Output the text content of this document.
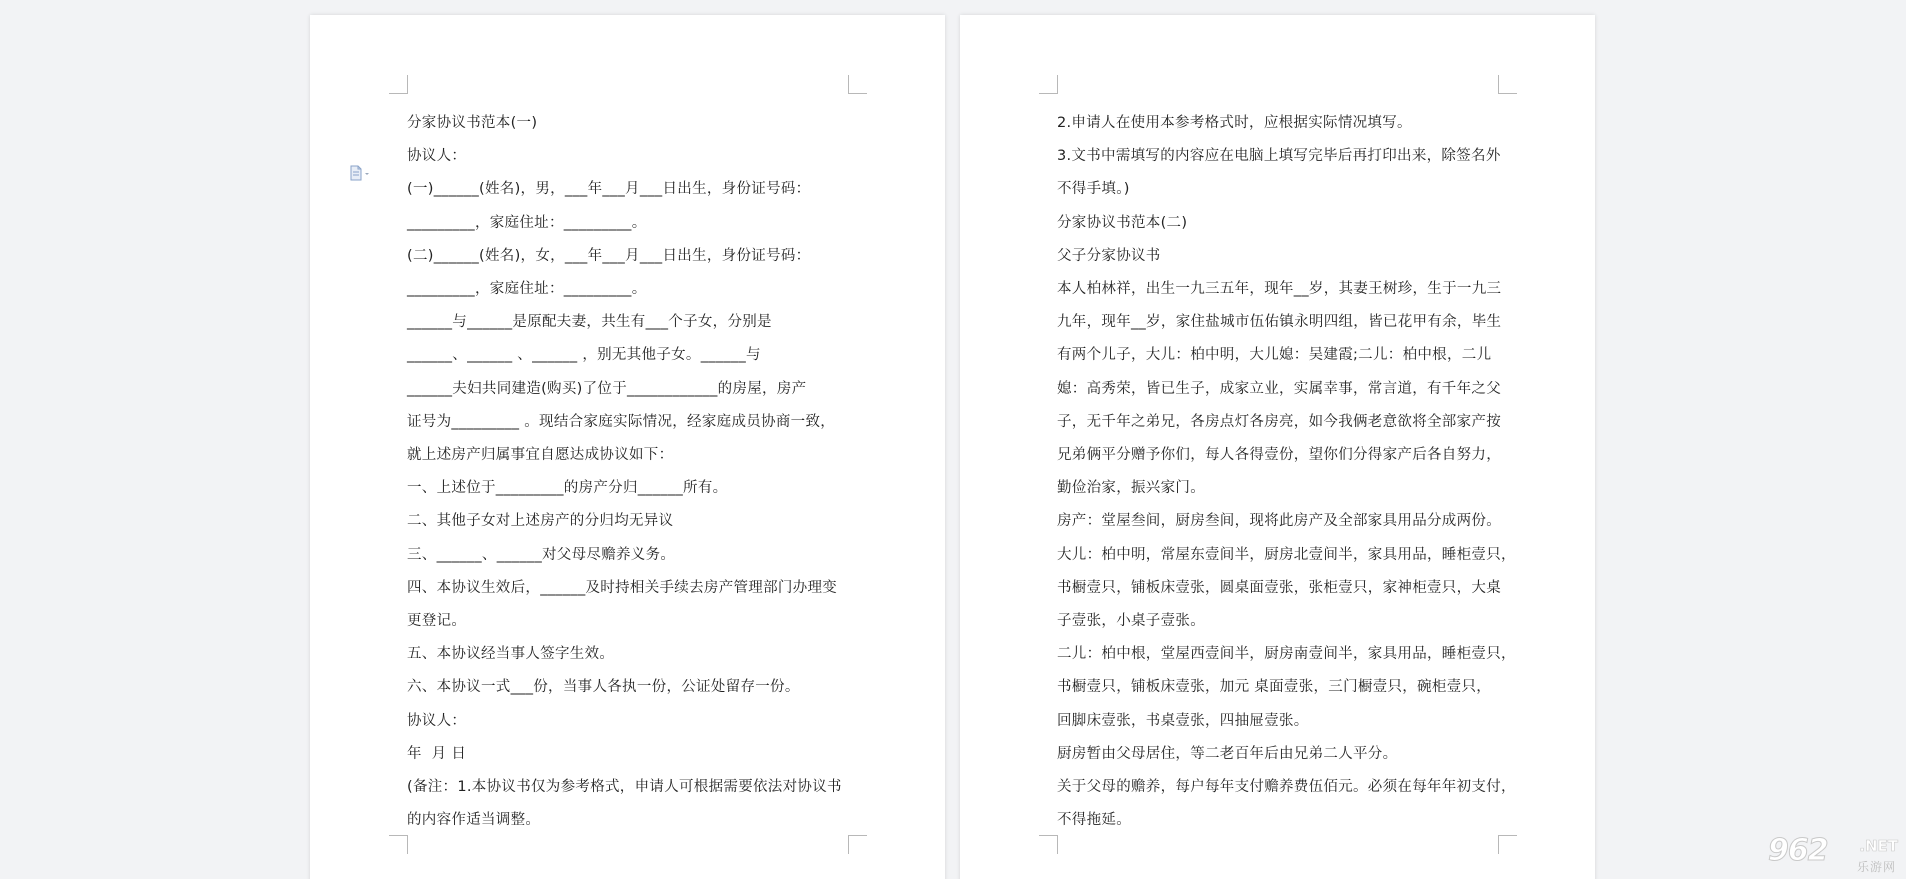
分家协议书范本(一)

协议人：

(一)______(姓名)，男，___年___月___日出生，身份证号码：

_________，家庭住址：_________。

(二)______(姓名)，女，___年___月___日出生，身份证号码：

_________，家庭住址：_________。

______与______是原配夫妻，共生有___个子女，分别是

______、______ 、______ ，别无其他子女。______与

______夫妇共同建造(购买)了位于____________的房屋，房产

证号为_________ 。现结合家庭实际情况，经家庭成员协商一致，

就上述房产归属事宜自愿达成协议如下：

一、上述位于_________的房产分归______所有。

二、其他子女对上述房产的分归均无异议

三、______、______对父母尽赡养义务。

四、本协议生效后，______及时持相关手续去房产管理部门办理变

更登记。

五、本协议经当事人签字生效。

六、本协议一式___份，当事人各执一份，公证处留存一份。

协议人：

年  月 日

(备注：1.本协议书仅为参考格式，申请人可根据需要依法对协议书

的内容作适当调整。

2.申请人在使用本参考格式时，应根据实际情况填写。

3.文书中需填写的内容应在电脑上填写完毕后再打印出来，除签名外

不得手填。)

分家协议书范本(二)

父子分家协议书

本人柏林祥，出生一九三五年，现年__岁，其妻王树珍，生于一九三

九年，现年__岁，家住盐城市伍佑镇永明四组，皆已花甲有余，毕生

有两个儿子，大儿：柏中明，大儿媳：吴建霞;二儿：柏中根，二儿

媳：高秀荣，皆已生子，成家立业，实属幸事，常言道，有千年之父

子，无千年之弟兄，各房点灯各房亮，如今我俩老意欲将全部家产按

兄弟俩平分赠予你们，每人各得壹份，望你们分得家产后各自努力，

勤俭治家，振兴家门。

房产：堂屋叁间，厨房叁间，现将此房产及全部家具用品分成两份。

大儿：柏中明，常屋东壹间半，厨房北壹间半，家具用品，睡柜壹只，

书橱壹只，铺板床壹张，圆桌面壹张，张柜壹只，家神柜壹只，大桌

子壹张，小桌子壹张。

二儿：柏中根，堂屋西壹间半，厨房南壹间半，家具用品，睡柜壹只，

书橱壹只，铺板床壹张，加元 桌面壹张，三门橱壹只，碗柜壹只，

回脚床壹张，书桌壹张，四抽屉壹张。

厨房暂由父母居住，等二老百年后由兄弟二人平分。

关于父母的赡养，每户每年支付赡养费伍佰元。必须在每年年初支付，

不得拖延。

962 .NET
乐游网
